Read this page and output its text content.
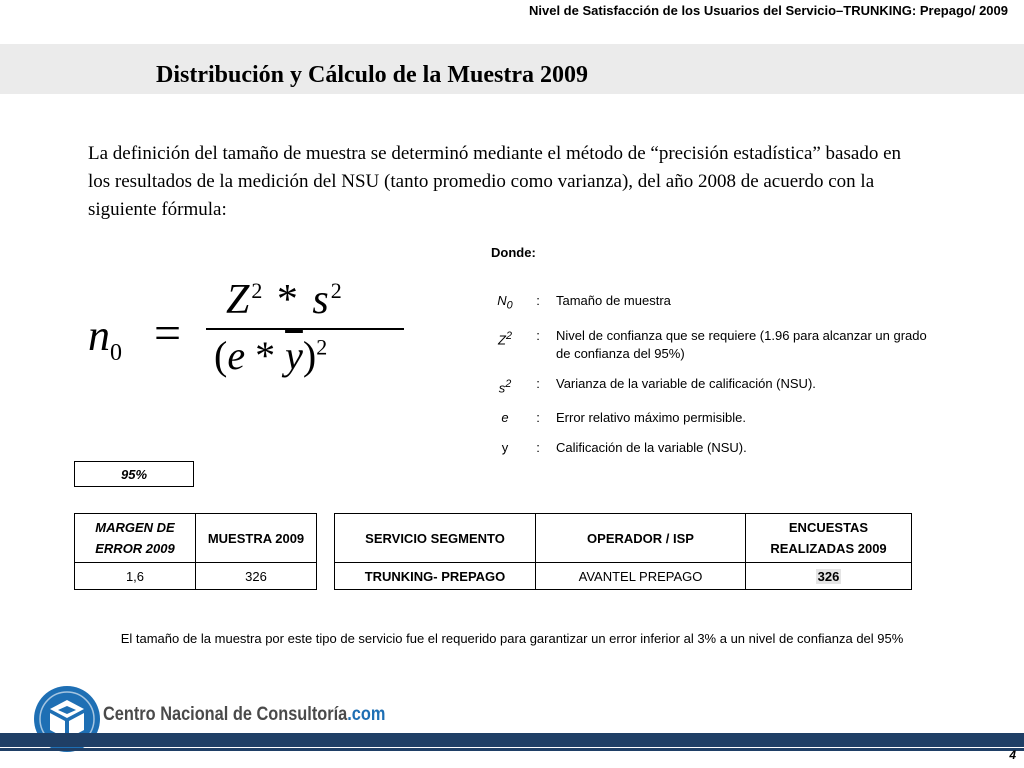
Nivel de Satisfacción de los Usuarios del Servicio–TRUNKING: Prepago/ 2009
Distribución y Cálculo de la Muestra 2009

La definición del tamaño de muestra se determinó mediante el método de “precisión estadística” basado en los resultados de la medición del NSU (tanto promedio como varianza), del año 2008 de acuerdo con la siguiente fórmula:

$n_0$ =
$Z^2 * s^2$
$(e * \overline{y})^2$
Donde:
$N_0$	:	Tamaño de muestra
$Z^2$	:	Nivel de confianza que se requiere (1.96 para alcanzar un grado de confianza del 95%)
$s^2$	:	Varianza de la variable de calificación (NSU).
e	:	Error relativo máximo permisible.
y	:	Calificación de la variable (NSU).
95%
MARGEN DE ERROR 2009	MUESTRA 2009
1,6	326
SERVICIO SEGMENTO	OPERADOR / ISP	ENCUESTAS REALIZADAS 2009
TRUNKING- PREPAGO	AVANTEL PREPAGO	326
El tamaño de la muestra por este tipo de servicio fue el requerido para garantizar un error inferior al 3% a un nivel de confianza del 95%
Centro Nacional de Consultoría.com
4
